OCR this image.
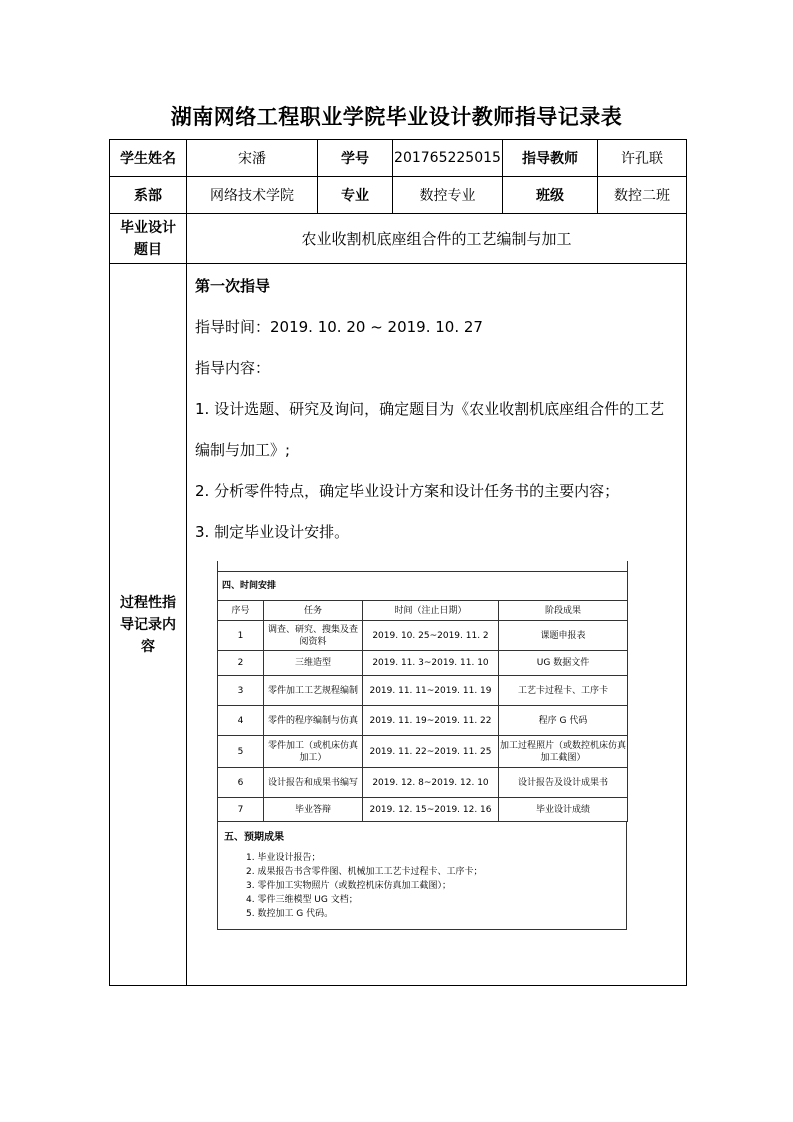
湖南网络工程职业学院毕业设计教师指导记录表
学生姓名	宋潘	学号	201765225015	指导教师	许孔联
系部	网络技术学院	专业	数控专业	班级	数控二班

毕业设计题目
	农业收割机底座组合件的工艺编制与加工

过程性指导记录内容

第一次指导

指导时间：2019. 10. 20 ~ 2019. 10. 27

指导内容：

1. 设计选题、研究及询问，确定题目为《农业收割机底座组合件的工艺

编制与加工》;

2. 分析零件特点，确定毕业设计方案和设计任务书的主要内容；

3. 制定毕业设计安排。

四、时间安排
序号	任务	时间（注止日期）	阶段成果
1	调查、研究、搜集及查阅资料	2019. 10. 25~2019. 11. 2	课题申报表
2	三维造型	2019. 11. 3~2019. 11. 10	UG 数据文件
3	零件加工工艺规程编制	2019. 11. 11~2019. 11. 19	工艺卡过程卡、工序卡
4	零件的程序编制与仿真	2019. 11. 19~2019. 11. 22	程序 G 代码
5	零件加工（或机床仿真加工）	2019. 11. 22~2019. 11. 25	加工过程照片（或数控机床仿真加工截图）
6	设计报告和成果书编写	2019. 12. 8~2019. 12. 10	设计报告及设计成果书
7	毕业答辩	2019. 12. 15~2019. 12. 16	毕业设计成绩
五、预期成果
1. 毕业设计报告；
2. 成果报告书含零件图、机械加工工艺卡过程卡、工序卡；
3. 零件加工实物照片（或数控机床仿真加工截图）；
4. 零件三维模型 UG 文档；
5. 数控加工 G 代码。
